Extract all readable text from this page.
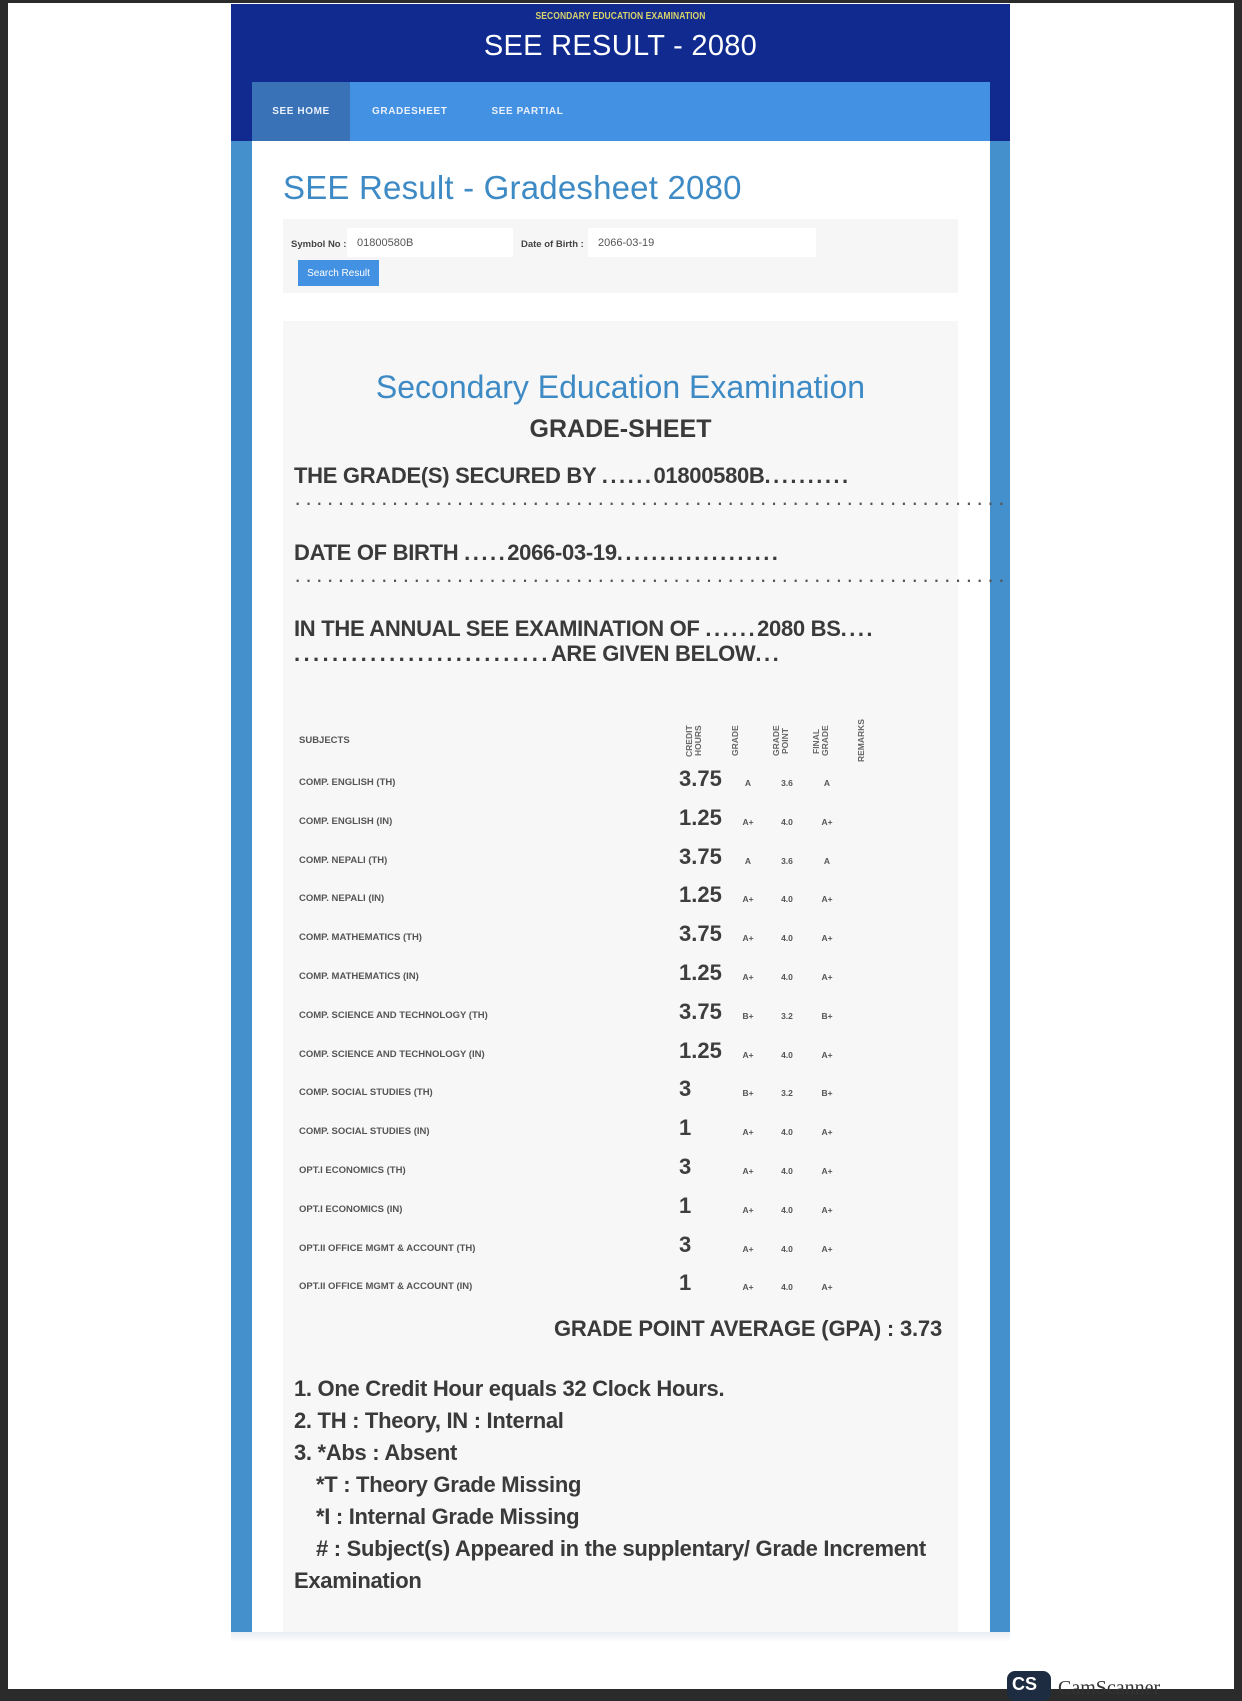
SECONDARY EDUCATION EXAMINATION
SEE RESULT - 2080
SEE HOME	GRADESHEET	SEE PARTIAL
SEE Result - Gradesheet 2080
Symbol No :
01800580B	Date of Birth :
2066-03-19
Search Result
Secondary Education Examination
GRADE-SHEET
THE GRADE(S) SECURED BY ......01800580B..........
··································································
DATE OF BIRTH .....2066-03-19...................
··································································
IN THE ANNUAL SEE EXAMINATION OF ......2080 BS....
...........................ARE GIVEN BELOW...
SUBJECTS	CREDIT HOURS	GRADE	GRADE POINT	FINAL GRADE	REMARKS
COMP. ENGLISH (TH)	3.75	A	3.6	A
COMP. ENGLISH (IN)	1.25	A+	4.0	A+
COMP. NEPALI (TH)	3.75	A	3.6	A
COMP. NEPALI (IN)	1.25	A+	4.0	A+
COMP. MATHEMATICS (TH)	3.75	A+	4.0	A+
COMP. MATHEMATICS (IN)	1.25	A+	4.0	A+
COMP. SCIENCE AND TECHNOLOGY (TH)	3.75	B+	3.2	B+
COMP. SCIENCE AND TECHNOLOGY (IN)	1.25	A+	4.0	A+
COMP. SOCIAL STUDIES (TH)	3	B+	3.2	B+
COMP. SOCIAL STUDIES (IN)	1	A+	4.0	A+
OPT.I ECONOMICS (TH)	3	A+	4.0	A+
OPT.I ECONOMICS (IN)	1	A+	4.0	A+
OPT.II OFFICE MGMT & ACCOUNT (TH)	3	A+	4.0	A+
OPT.II OFFICE MGMT & ACCOUNT (IN)	1	A+	4.0	A+
GRADE POINT AVERAGE (GPA) : 3.73
1. One Credit Hour equals 32 Clock Hours.
2. TH : Theory, IN : Internal
3. *Abs : Absent
*T : Theory Grade Missing
*I : Internal Grade Missing
# : Subject(s) Appeared in the supplentary/ Grade Increment
Examination
CS	CamScanner
